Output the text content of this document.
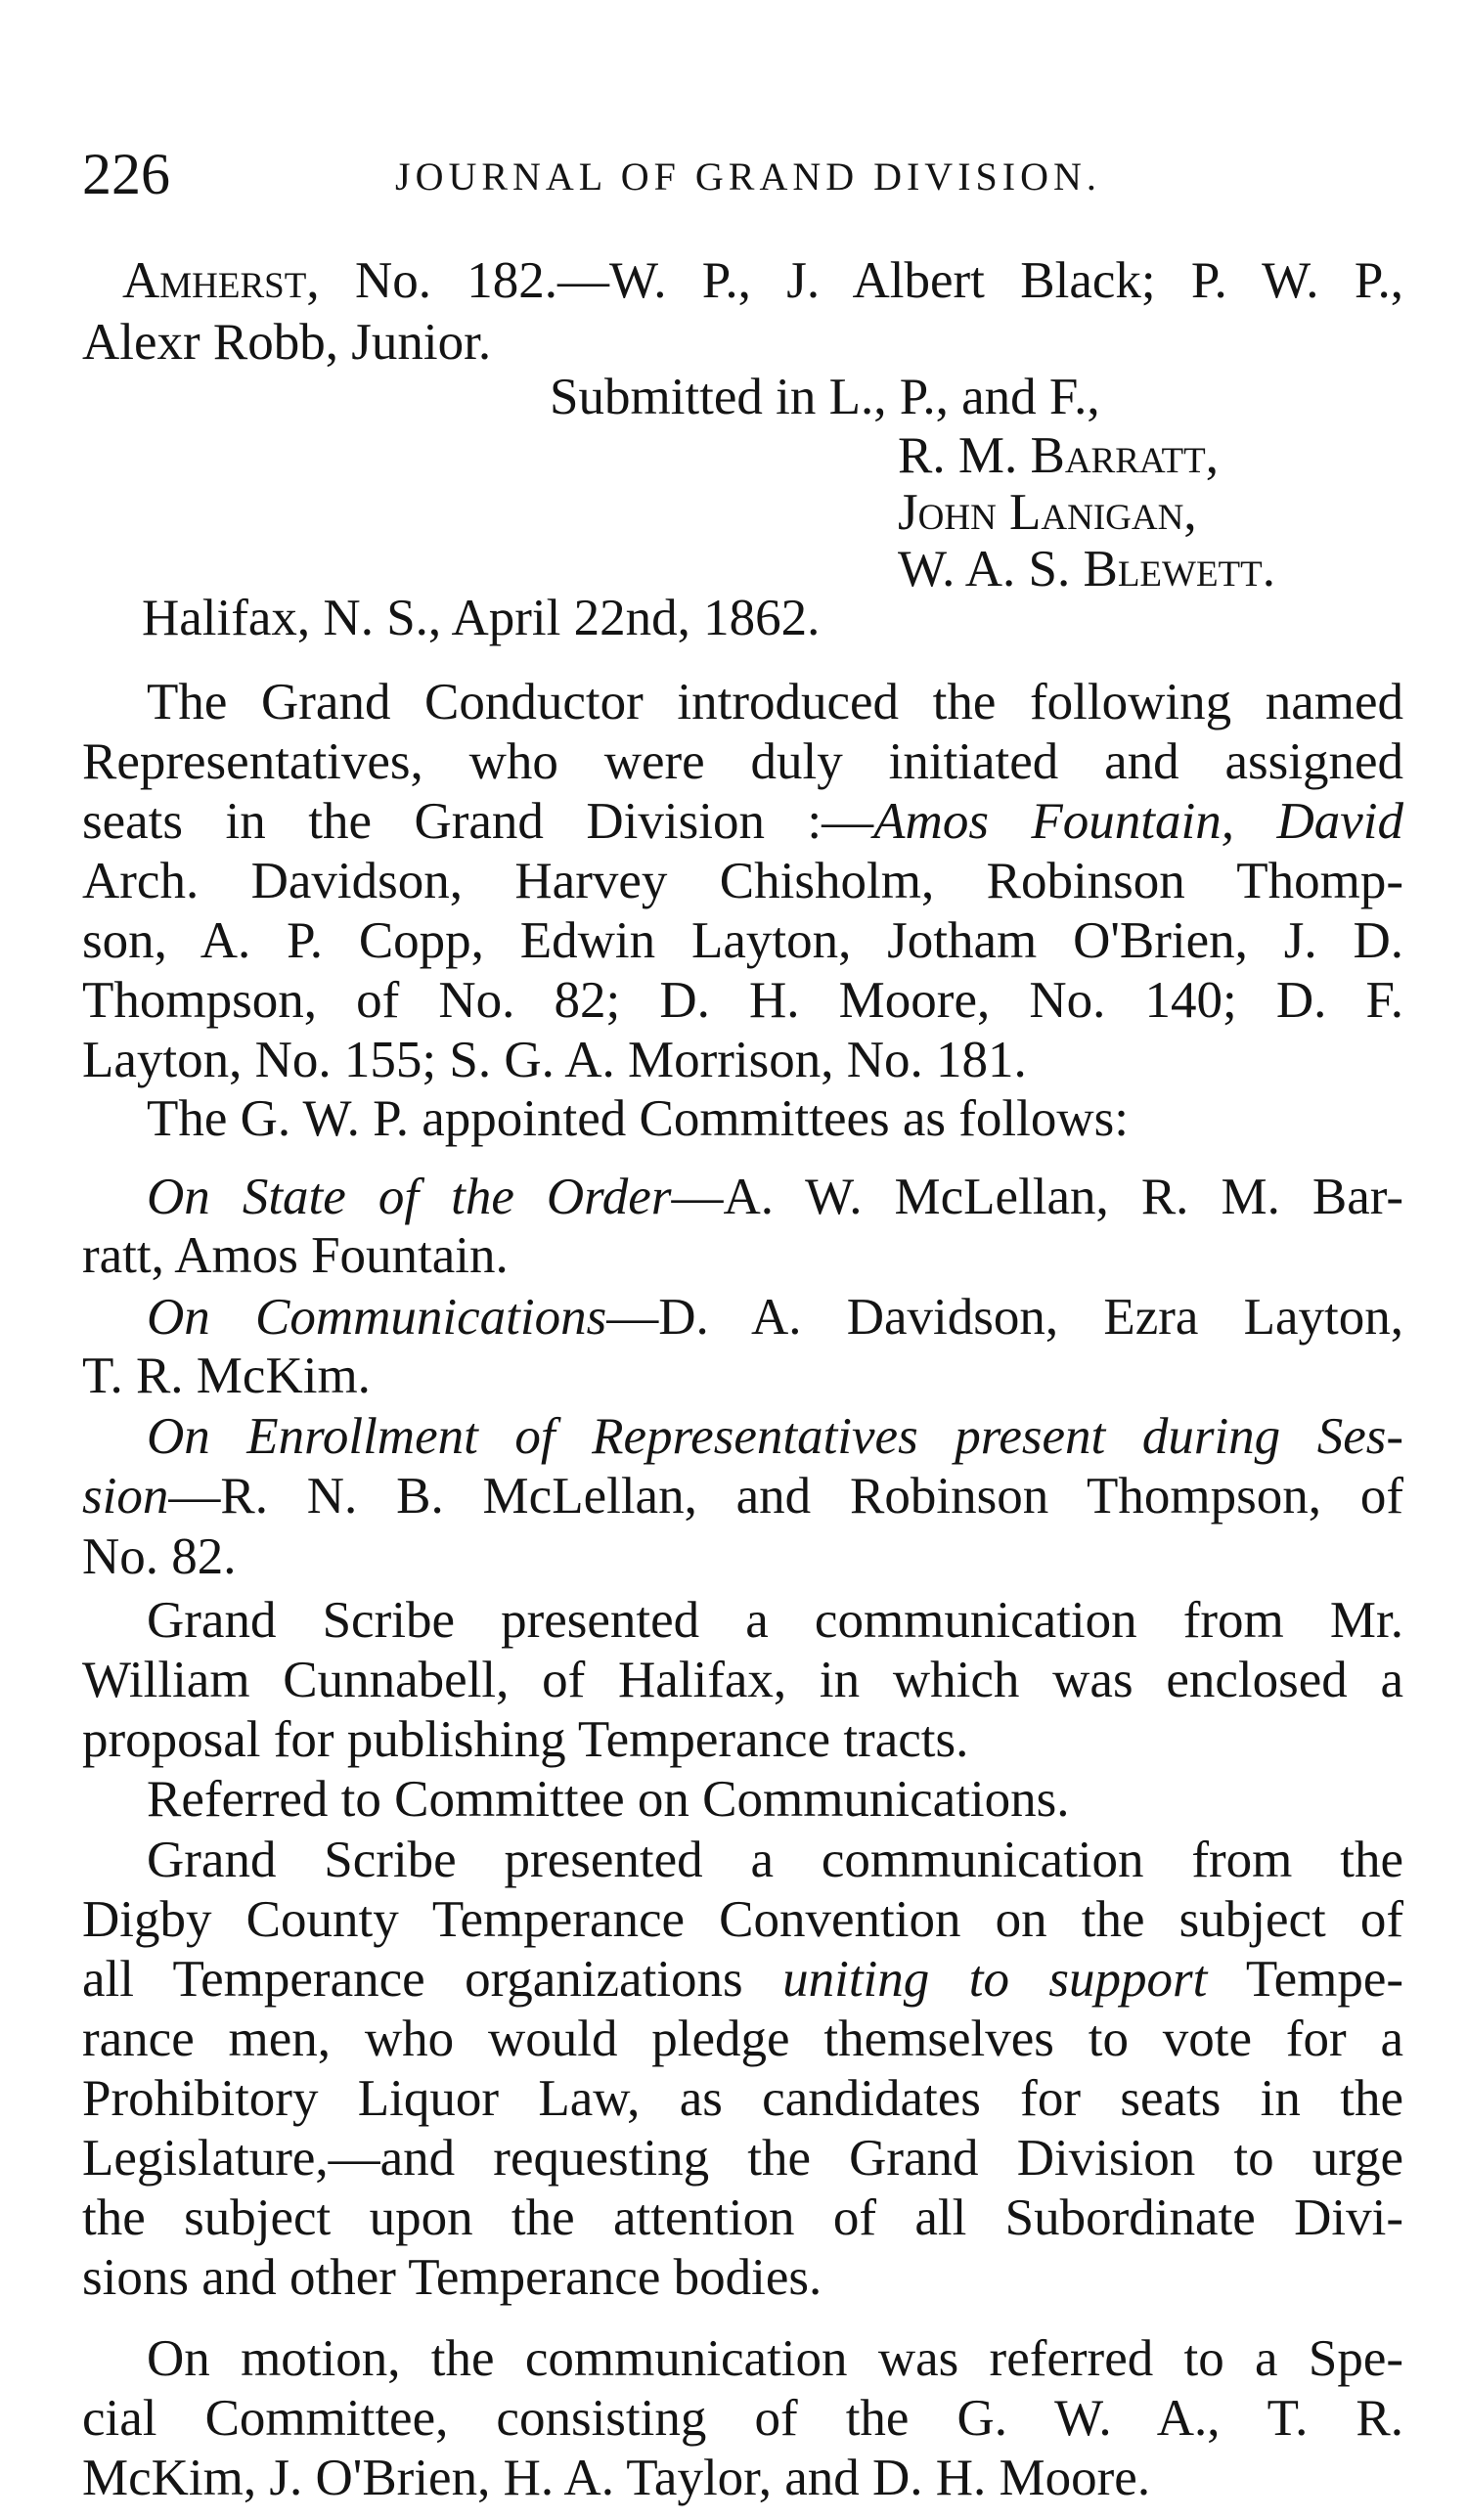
226	JOURNAL OF GRAND DIVISION.
Amherst, No. 182.—W. P., J. Albert Black; P. W. P.,
Alexr Robb, Junior.
Submitted in L., P., and F.,
R. M. Barratt,
John Lanigan,
W. A. S. Blewett.
Halifax, N. S., April 22nd, 1862.
The Grand Conductor introduced the following named
Representatives, who were duly initiated and assigned
seats in the Grand Division :—Amos Fountain, David
Arch. Davidson, Harvey Chisholm, Robinson Thomp-
son, A. P. Copp, Edwin Layton, Jotham O'Brien, J. D.
Thompson, of No. 82; D. H. Moore, No. 140; D. F.
Layton, No. 155; S. G. A. Morrison, No. 181.
The G. W. P. appointed Committees as follows:
On State of the Order—A. W. McLellan, R. M. Bar-
ratt, Amos Fountain.
On Communications—D. A. Davidson, Ezra Layton,
T. R. McKim.
On Enrollment of Representatives present during Ses-
sion—R. N. B. McLellan, and Robinson Thompson, of
No. 82.
Grand Scribe presented a communication from Mr.
William Cunnabell, of Halifax, in which was enclosed a
proposal for publishing Temperance tracts.
Referred to Committee on Communications.
Grand Scribe presented a communication from the
Digby County Temperance Convention on the subject of
all Temperance organizations uniting to support Tempe-
rance men, who would pledge themselves to vote for a
Prohibitory Liquor Law, as candidates for seats in the
Legislature,—and requesting the Grand Division to urge
the subject upon the attention of all Subordinate Divi-
sions and other Temperance bodies.
On motion, the communication was referred to a Spe-
cial Committee, consisting of the G. W. A., T. R.
McKim, J. O'Brien, H. A. Taylor, and D. H. Moore.
